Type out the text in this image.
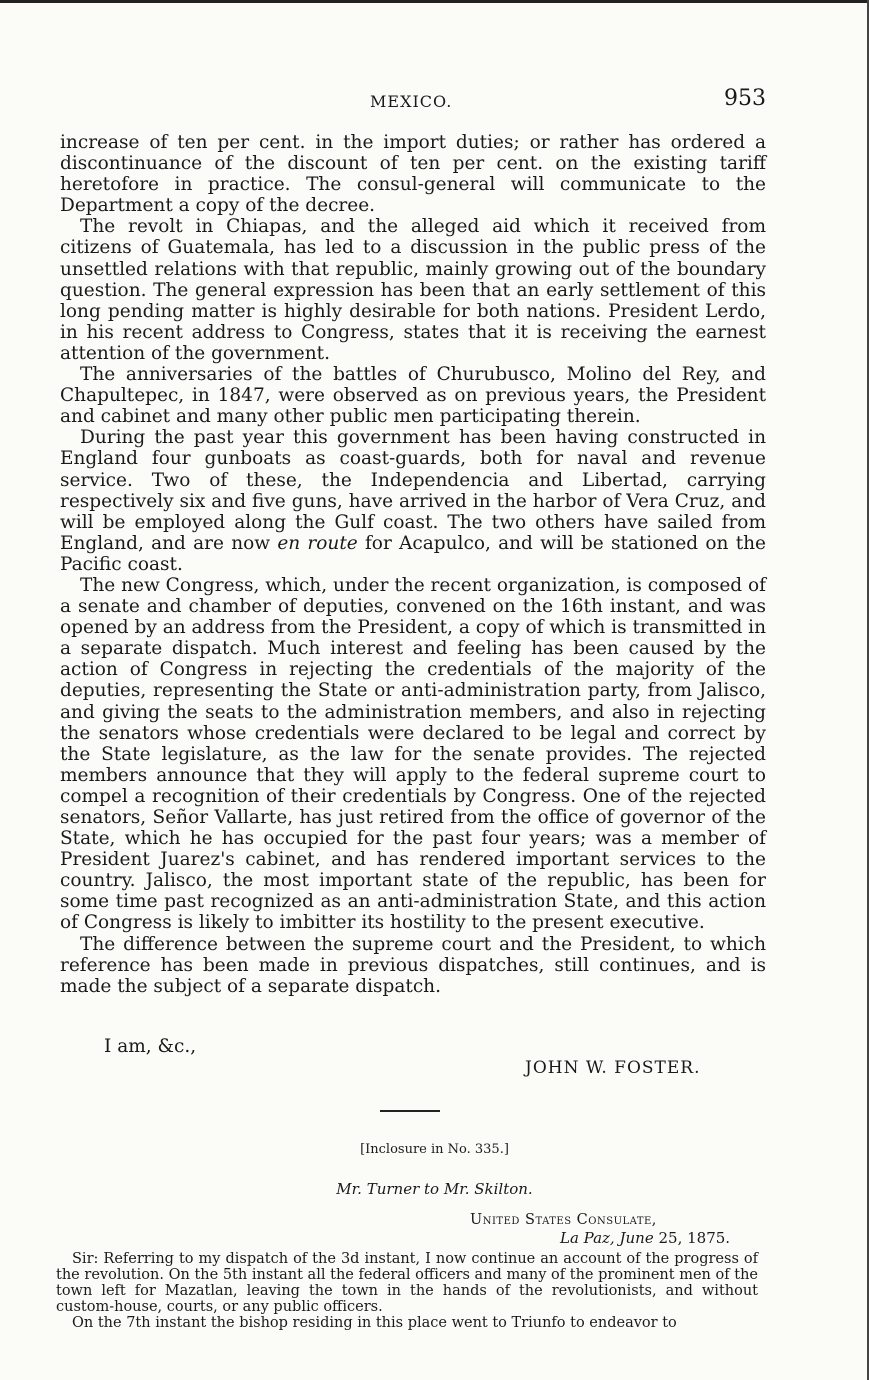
MEXICO.	953

increase of ten per cent. in the import duties; or rather has ordered a discontinuance of the discount of ten per cent. on the existing tariff heretofore in practice. The consul-general will communicate to the Department a copy of the decree.

The revolt in Chiapas, and the alleged aid which it received from citizens of Guatemala, has led to a discussion in the public press of the unsettled relations with that republic, mainly growing out of the boundary question. The general expression has been that an early settlement of this long pending matter is highly desirable for both nations. President Lerdo, in his recent address to Congress, states that it is receiving the earnest attention of the government.

The anniversaries of the battles of Churubusco, Molino del Rey, and Chapultepec, in 1847, were observed as on previous years, the President and cabinet and many other public men participating therein.

During the past year this government has been having constructed in England four gunboats as coast-guards, both for naval and revenue service. Two of these, the Independencia and Libertad, carrying respectively six and five guns, have arrived in the harbor of Vera Cruz, and will be employed along the Gulf coast. The two others have sailed from England, and are now en route for Acapulco, and will be stationed on the Pacific coast.

The new Congress, which, under the recent organization, is composed of a senate and chamber of deputies, convened on the 16th instant, and was opened by an address from the President, a copy of which is transmitted in a separate dispatch. Much interest and feeling has been caused by the action of Congress in rejecting the credentials of the majority of the deputies, representing the State or anti-administration party, from Jalisco, and giving the seats to the administration members, and also in rejecting the senators whose credentials were declared to be legal and correct by the State legislature, as the law for the senate provides. The rejected members announce that they will apply to the federal supreme court to compel a recognition of their credentials by Congress. One of the rejected senators, Señor Vallarte, has just retired from the office of governor of the State, which he has occupied for the past four years; was a member of President Juarez's cabinet, and has rendered important services to the country. Jalisco, the most important state of the republic, has been for some time past recognized as an anti-administration State, and this action of Congress is likely to imbitter its hostility to the present executive.

The difference between the supreme court and the President, to which reference has been made in previous dispatches, still continues, and is made the subject of a separate dispatch.

I am, &c.,
JOHN W. FOSTER.
[Inclosure in No. 335.]
Mr. Turner to Mr. Skilton.
United States Consulate,
La Paz, June 25, 1875.

Sir: Referring to my dispatch of the 3d instant, I now continue an account of the progress of the revolution. On the 5th instant all the federal officers and many of the prominent men of the town left for Mazatlan, leaving the town in the hands of the revolutionists, and without custom-house, courts, or any public officers.

On the 7th instant the bishop residing in this place went to Triunfo to endeavor to
